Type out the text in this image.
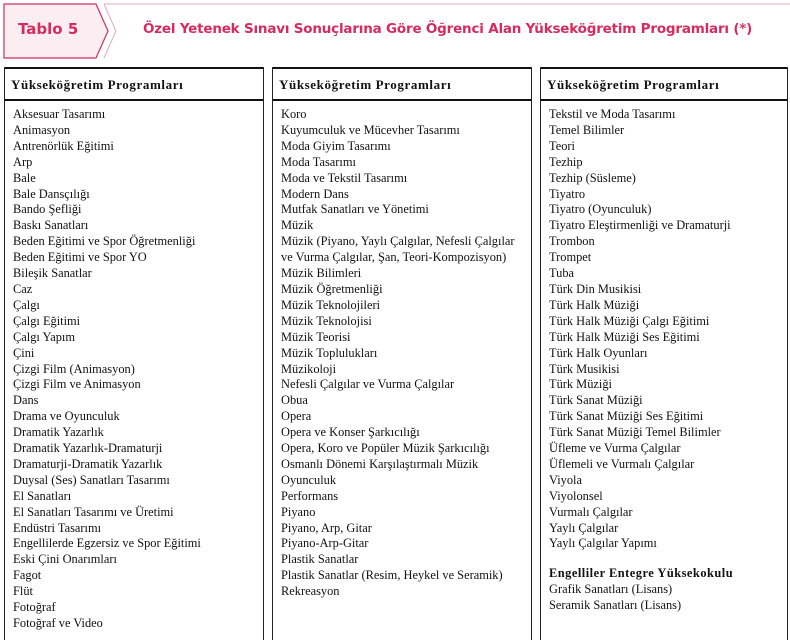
Tablo 5	Özel Yetenek Sınavı Sonuçlarına Göre Öğrenci Alan Yükseköğretim Programları (*)
Yükseköğretim Programları
Aksesuar Tasarımı
Animasyon
Antrenörlük Eğitimi
Arp
Bale
Bale Dansçılığı
Bando Şefliği
Baskı Sanatları
Beden Eğitimi ve Spor Öğretmenliği
Beden Eğitimi ve Spor YO
Bileşik Sanatlar
Caz
Çalgı
Çalgı Eğitimi
Çalgı Yapım
Çini
Çizgi Film (Animasyon)
Çizgi Film ve Animasyon
Dans
Drama ve Oyunculuk
Dramatik Yazarlık
Dramatik Yazarlık-Dramaturji
Dramaturji-Dramatik Yazarlık
Duysal (Ses) Sanatları Tasarımı
El Sanatları
El Sanatları Tasarımı ve Üretimi
Endüstri Tasarımı
Engellilerde Egzersiz ve Spor Eğitimi
Eski Çini Onarımları
Fagot
Flüt
Fotoğraf
Fotoğraf ve Video
Yükseköğretim Programları
Koro
Kuyumculuk ve Mücevher Tasarımı
Moda Giyim Tasarımı
Moda Tasarımı
Moda ve Tekstil Tasarımı
Modern Dans
Mutfak Sanatları ve Yönetimi
Müzik
Müzik (Piyano, Yaylı Çalgılar, Nefesli Çalgılar ve Vurma Çalgılar, Şan, Teori-Kompozisyon)
Müzik Bilimleri
Müzik Öğretmenliği
Müzik Teknolojileri
Müzik Teknolojisi
Müzik Teorisi
Müzik Toplulukları
Müzikoloji
Nefesli Çalgılar ve Vurma Çalgılar
Obua
Opera
Opera ve Konser Şarkıcılığı
Opera, Koro ve Popüler Müzik Şarkıcılığı
Osmanlı Dönemi Karşılaştırmalı Müzik
Oyunculuk
Performans
Piyano
Piyano, Arp, Gitar
Piyano-Arp-Gitar
Plastik Sanatlar
Plastik Sanatlar (Resim, Heykel ve Seramik)
Rekreasyon
Yükseköğretim Programları
Tekstil ve Moda Tasarımı
Temel Bilimler
Teori
Tezhip
Tezhip (Süsleme)
Tiyatro
Tiyatro (Oyunculuk)
Tiyatro Eleştirmenliği ve Dramaturji
Trombon
Trompet
Tuba
Türk Din Musikisi
Türk Halk Müziği
Türk Halk Müziği Çalgı Eğitimi
Türk Halk Müziği Ses Eğitimi
Türk Halk Oyunları
Türk Musikisi
Türk Müziği
Türk Sanat Müziği
Türk Sanat Müziği Ses Eğitimi
Türk Sanat Müziği Temel Bilimler
Üfleme ve Vurma Çalgılar
Üflemeli ve Vurmalı Çalgılar
Viyola
Viyolonsel
Vurmalı Çalgılar
Yaylı Çalgılar
Yaylı Çalgılar Yapımı
Engelliler Entegre Yüksekokulu
Grafik Sanatları (Lisans)
Seramik Sanatları (Lisans)
